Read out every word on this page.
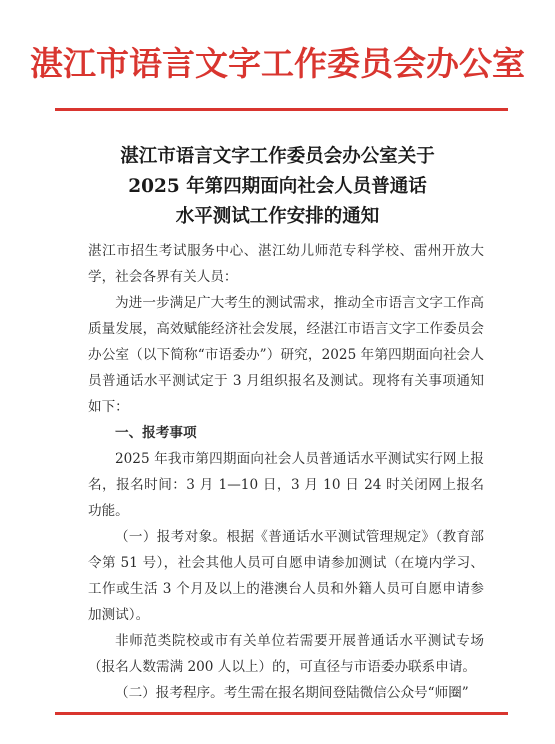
湛江市语言文字工作委员会办公室
湛江市语言文字工作委员会办公室关于
2025 年第四期面向社会人员普通话
水平测试工作安排的通知

湛江市招生考试服务中心、湛江幼儿师范专科学校、雷州开放大学，社会各界有关人员：

为进一步满足广大考生的测试需求，推动全市语言文字工作高质量发展，高效赋能经济社会发展，经湛江市语言文字工作委员会办公室（以下简称“市语委办”）研究，2025 年第四期面向社会人员普通话水平测试定于 3 月组织报名及测试。现将有关事项通知如下：

一、报考事项

2025 年我市第四期面向社会人员普通话水平测试实行网上报名，报名时间：3 月 1—10 日，3 月 10 日 24 时关闭网上报名功能。

（一）报考对象。根据《普通话水平测试管理规定》（教育部令第 51 号），社会其他人员可自愿申请参加测试（在境内学习、工作或生活 3 个月及以上的港澳台人员和外籍人员可自愿申请参加测试）。

非师范类院校或市有关单位若需要开展普通话水平测试专场（报名人数需满 200 人以上）的，可直径与市语委办联系申请。

（二）报考程序。考生需在报名期间登陆微信公众号“师圈”
